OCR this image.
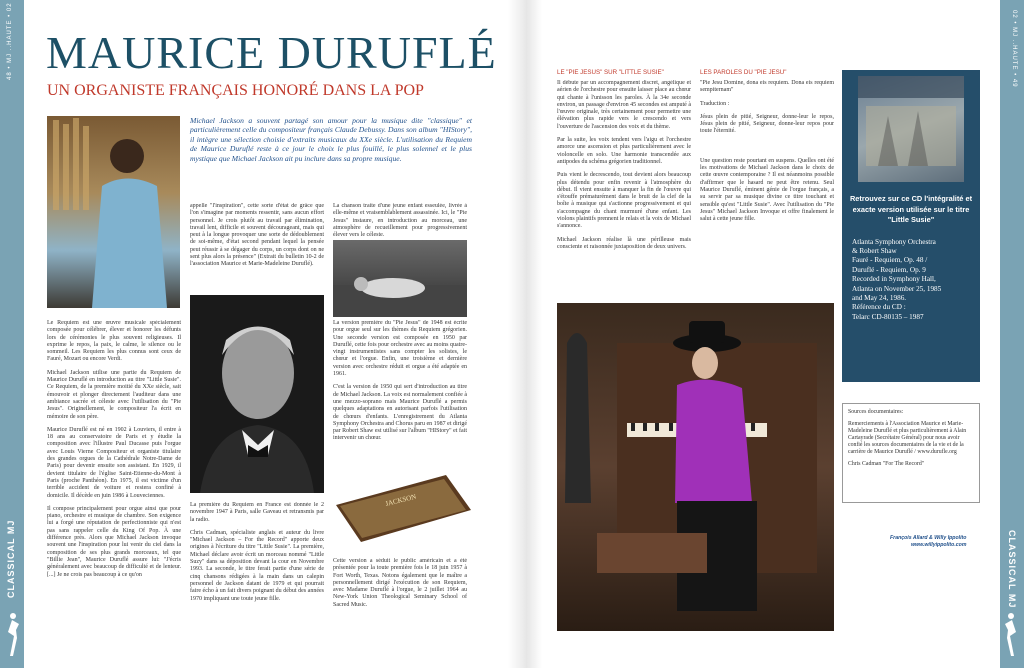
48 • MJ ..HAUTE • 02
CLASSICAL MJ
02 • MJ ..HAUTE • 49
CLASSICAL MJ
MAURICE DURUFLÉ
UN ORGANISTE FRANÇAIS HONORÉ DANS LA POP
Michael Jackson a souvent partagé son amour pour la musique dite "classique" et particulièrement celle du compositeur français Claude Debussy. Dans son album "HIStory", il intègre une sélection choisie d'extraits musicaux du XXe siècle. L'utilisation du Requiem de Maurice Duruflé reste à ce jour le choix le plus fouillé, le plus solennel et le plus mystique que Michael Jackson ait pu inclure dans sa propre musique.
JACKSON

Le Requiem est une œuvre musicale spécialement composée pour célébrer, élever et honorer les défunts lors de cérémonies le plus souvent religieuses. Il exprime le repos, la paix, le calme, le silence ou le sommeil. Les Requiem les plus connus sont ceux de Fauré, Mozart ou encore Verdi.

Michael Jackson utilise une partie du Requiem de Maurice Duruflé en introduction au titre "Little Susie". Ce Requiem, de la première moitié du XXe siècle, sait émouvoir et plonger directement l'auditeur dans une ambiance sacrée et céleste avec l'utilisation du "Pie Jesus". Originellement, le compositeur l'a écrit en mémoire de son père.

Maurice Duruflé est né en 1902 à Louviers, il entre à 18 ans au conservatoire de Paris et y étudie la composition avec l'illustre Paul Ducasse puis l'orgue avec Louis Vierne Compositeur et organiste titulaire des grandes orgues de la Cathédrale Notre-Dame de Paris) pour devenir ensuite son assistant. En 1929, il devient titulaire de l'église Saint-Etienne-du-Mont à Paris (proche Panthéon). En 1975, il est victime d'un terrible accident de voiture et restera confiné à domicile. Il décède en juin 1986 à Louveciennes.

Il compose principalement pour orgue ainsi que pour piano, orchestre et musique de chambre. Son exigence lui a forgé une réputation de perfectionniste qui n'est pas sans rappeler celle du King Of Pop. À une différence près. Alors que Michael Jackson invoque souvent une l'inspiration pour lui venir du ciel dans la composition de ses plus grands morceaux, tel que "Billie Jean", Maurice Duruflé assure lui: "J'écris généralement avec beaucoup de difficulté et de lenteur. [...] Je ne crois pas beaucoup à ce qu'on

appelle "l'inspiration", cette sorte d'état de grâce que l'on s'imagine par moments ressentir, sans aucun effort personnel. Je crois plutôt au travail par élimination, travail lent, difficile et souvent décourageant, mais qui peut à la longue provoquer une sorte de dédoublement de soi-même, d'état second pendant lequel la pensée peut réussir à se dégager du corps, un corps dont on ne sent plus alors la présence" (Extrait du bulletin 10-2 de l'association Maurice et Marie-Madeleine Duruflé).

La première du Requiem en France est donnée le 2 novembre 1947 à Paris, salle Gaveau et retransmis par la radio.

Chris Cadman, spécialiste anglais et auteur du livre "Michael Jackson – For the Record" apporte deux origines à l'écriture du titre "Little Susie". La première, Michael déclare avoir écrit un morceau nommé "Little Suzy" dans sa déposition devant la cour en Novembre 1993. La seconde, le titre ferait partie d'une série de cinq chansons rédigées à la main dans un calepin personnel de Jackson datant de 1979 et qui pourrait faire écho à un fait divers poignant du début des années 1970 impliquant une toute jeune fille.

La chanson traite d'une jeune enfant esseulée, livrée à elle-même et vraisemblablement assassinée. Ici, le "Pie Jesus" instaure, en introduction au morceau, une atmosphère de recueillement pour progressivement élever vers le céleste.

La version première du "Pie Jesus" de 1948 est écrite pour orgue seul sur les thèmes du Requiem grégorien. Une seconde version est composée en 1950 par Duruflé, cette fois pour orchestre avec au moins quatre-vingt instrumentistes sans compter les solistes, le chœur et l'orgue. Enfin, une troisième et dernière version avec orchestre réduit et orgue a été adaptée en 1961.

C'est la version de 1950 qui sert d'introduction au titre de Michael Jackson. La voix est normalement confiée à une mezzo-soprano mais Maurice Duruflé a permis quelques adaptations en autorisant parfois l'utilisation de chœurs d'enfants. L'enregistrement du Atlanta Symphony Orchestra and Chorus paru en 1987 et dirigé par Robert Shaw est utilisé sur l'album "HIStory" et fait intervenir un chœur.

Cette version a séduit le public américain et a été présentée pour la toute première fois le 18 juin 1957 à Fort Worth, Texas. Notons également que le maître a personnellement dirigé l'exécution de son Requiem, avec Madame Duruflé à l'orgue, le 2 juillet 1964 au New-York Union Theological Seminary School of Sacred Music.

LE "PIE JESUS" SUR "LITTLE SUSIE"

Il débute par un accompagnement discret, angélique et aérien de l'orchestre pour ensuite laisser place au chœur qui chante à l'unisson les paroles. À la 34e seconde environ, un passage d'environ 45 secondes est amputé à l'œuvre originale, très certainement pour permettre une élévation plus rapide vers le crescendo et vers l'ouverture de l'ascension des voix et du thème.

Par la suite, les voix tendent vers l'aigu et l'orchestre amorce une ascension et plus particulièrement avec le violoncelle en solo. Une harmonie transcendée aux antipodes du schéma grégorien traditionnel.

Puis vient le decrescendo, tout devient alors beaucoup plus détendu pour enfin revenir à l'atmosphère du début. Il vient ensuite à manquer la fin de l'œuvre qui s'étouffe prématurément dans le bruit de la clef de la boîte à musique qui s'actionne progressivement et qui s'accompagne du chant murmuré d'une enfant. Les violons plaintifs prennent le relais et la voix de Michael s'annonce.

Michael Jackson réalise là une périlleuse mais consciente et raisonnée juxtaposition de deux univers.

LES PAROLES DU "PIE JESU"

"Pie Jesu Domine, dona eis requiem. Dona eis requiem sempiternam"

Traduction :

Jésus plein de pitié, Seigneur, donne-leur le repos, Jésus plein de pitié, Seigneur, donne-leur repos pour toute l'éternité.

Une question reste pourtant en suspens. Quelles ont été les motivations de Michael Jackson dans le choix de cette œuvre contemporaine ? Il est néanmoins possible d'affirmer que le hasard ne peut être retenu. Seul Maurice Duruflé, éminent génie de l'orgue français, a su servir par sa musique divine ce titre touchant et sensible qu'est "Little Susie". Avec l'utilisation du "Pie Jesus" Michael Jackson Invoque et offre finalement le salut à cette jeune fille.

Retrouvez sur ce CD l'intégralité et exacte version utilisée sur le titre "Little Susie"
Atlanta Symphony Orchestra
& Robert Shaw
Fauré - Requiem, Op. 48 /
Duruflé - Requiem, Op. 9
Recorded in Symphony Hall,
Atlanta on November 25, 1985
and May 24, 1986.
Référence du CD :
Telarc CD-80135 – 1987

Sources documentaires:

Remerciements à l'Association Maurice et Marie-Madeleine Duruflé et plus particulièrement à Alain Cartayrade (Secrétaire Général) pour nous avoir confié les sources documentaires de la vie et de la carrière de Maurice Duruflé / www.durufle.org

Chris Cadman "For The Record"

François Allard & Willy Ippolito
www.willyippolito.com
